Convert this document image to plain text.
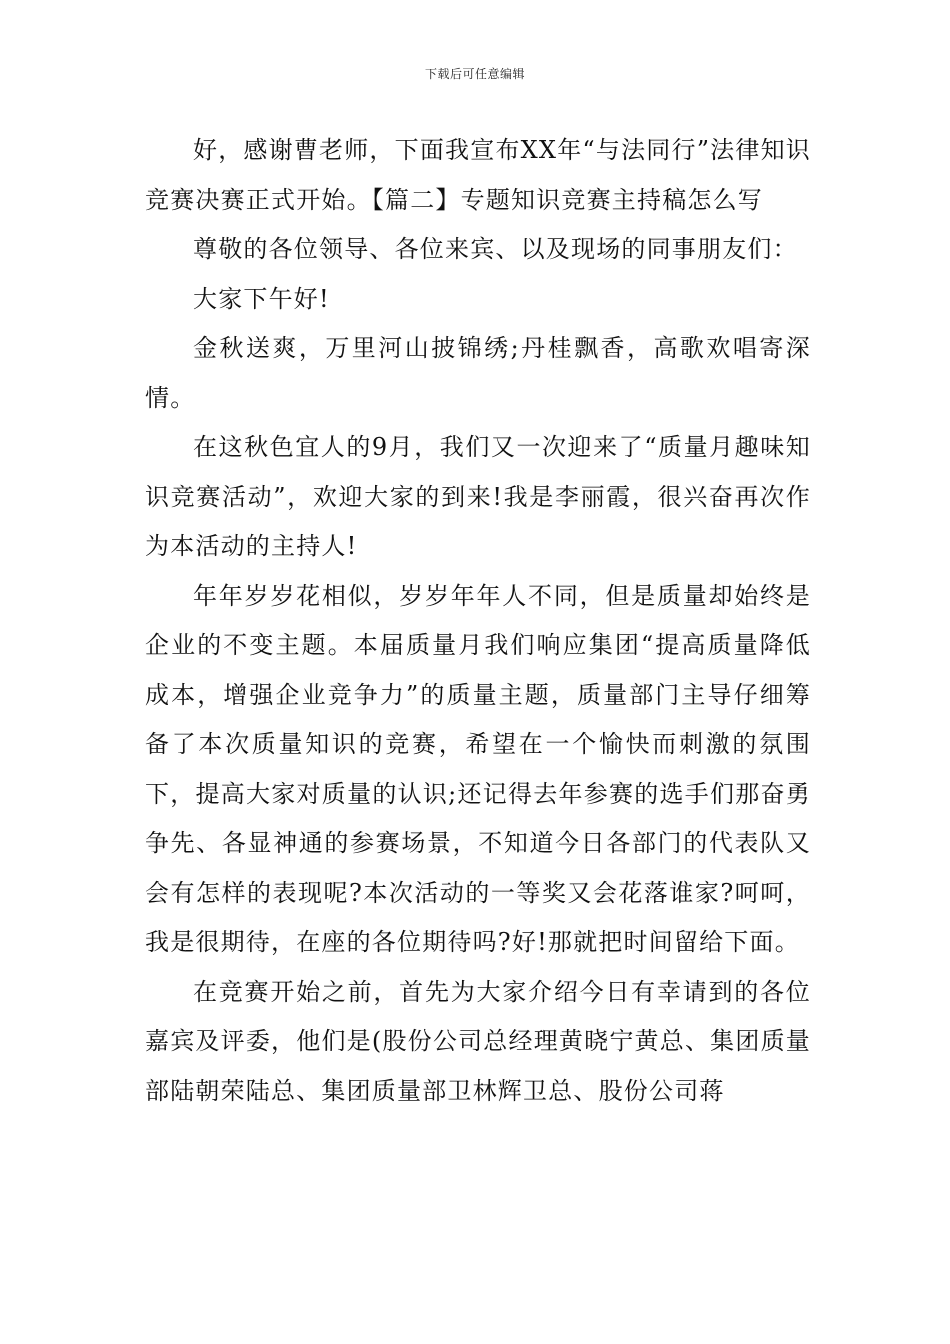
下载后可任意编辑

好，感谢曹老师，下面我宣布XX年“与法同行”法律知识竞赛决赛正式开始。【篇二】专题知识竞赛主持稿怎么写

尊敬的各位领导、各位来宾、以及现场的同事朋友们：

大家下午好!

金秋送爽，万里河山披锦绣;丹桂飘香，高歌欢唱寄深情。

在这秋色宜人的9月，我们又一次迎来了“质量月趣味知识竞赛活动”，欢迎大家的到来!我是李丽霞，很兴奋再次作为本活动的主持人!

年年岁岁花相似，岁岁年年人不同，但是质量却始终是企业的不变主题。本届质量月我们响应集团“提高质量降低成本，增强企业竞争力”的质量主题，质量部门主导仔细筹备了本次质量知识的竞赛，希望在一个愉快而刺激的氛围下，提高大家对质量的认识;还记得去年参赛的选手们那奋勇争先、各显神通的参赛场景，不知道今日各部门的代表队又会有怎样的表现呢?本次活动的一等奖又会花落谁家?呵呵，我是很期待，在座的各位期待吗?好!那就把时间留给下面。

在竞赛开始之前，首先为大家介绍今日有幸请到的各位嘉宾及评委，他们是(股份公司总经理黄晓宁黄总、集团质量部陆朝荣陆总、集团质量部卫林辉卫总、股份公司蒋
